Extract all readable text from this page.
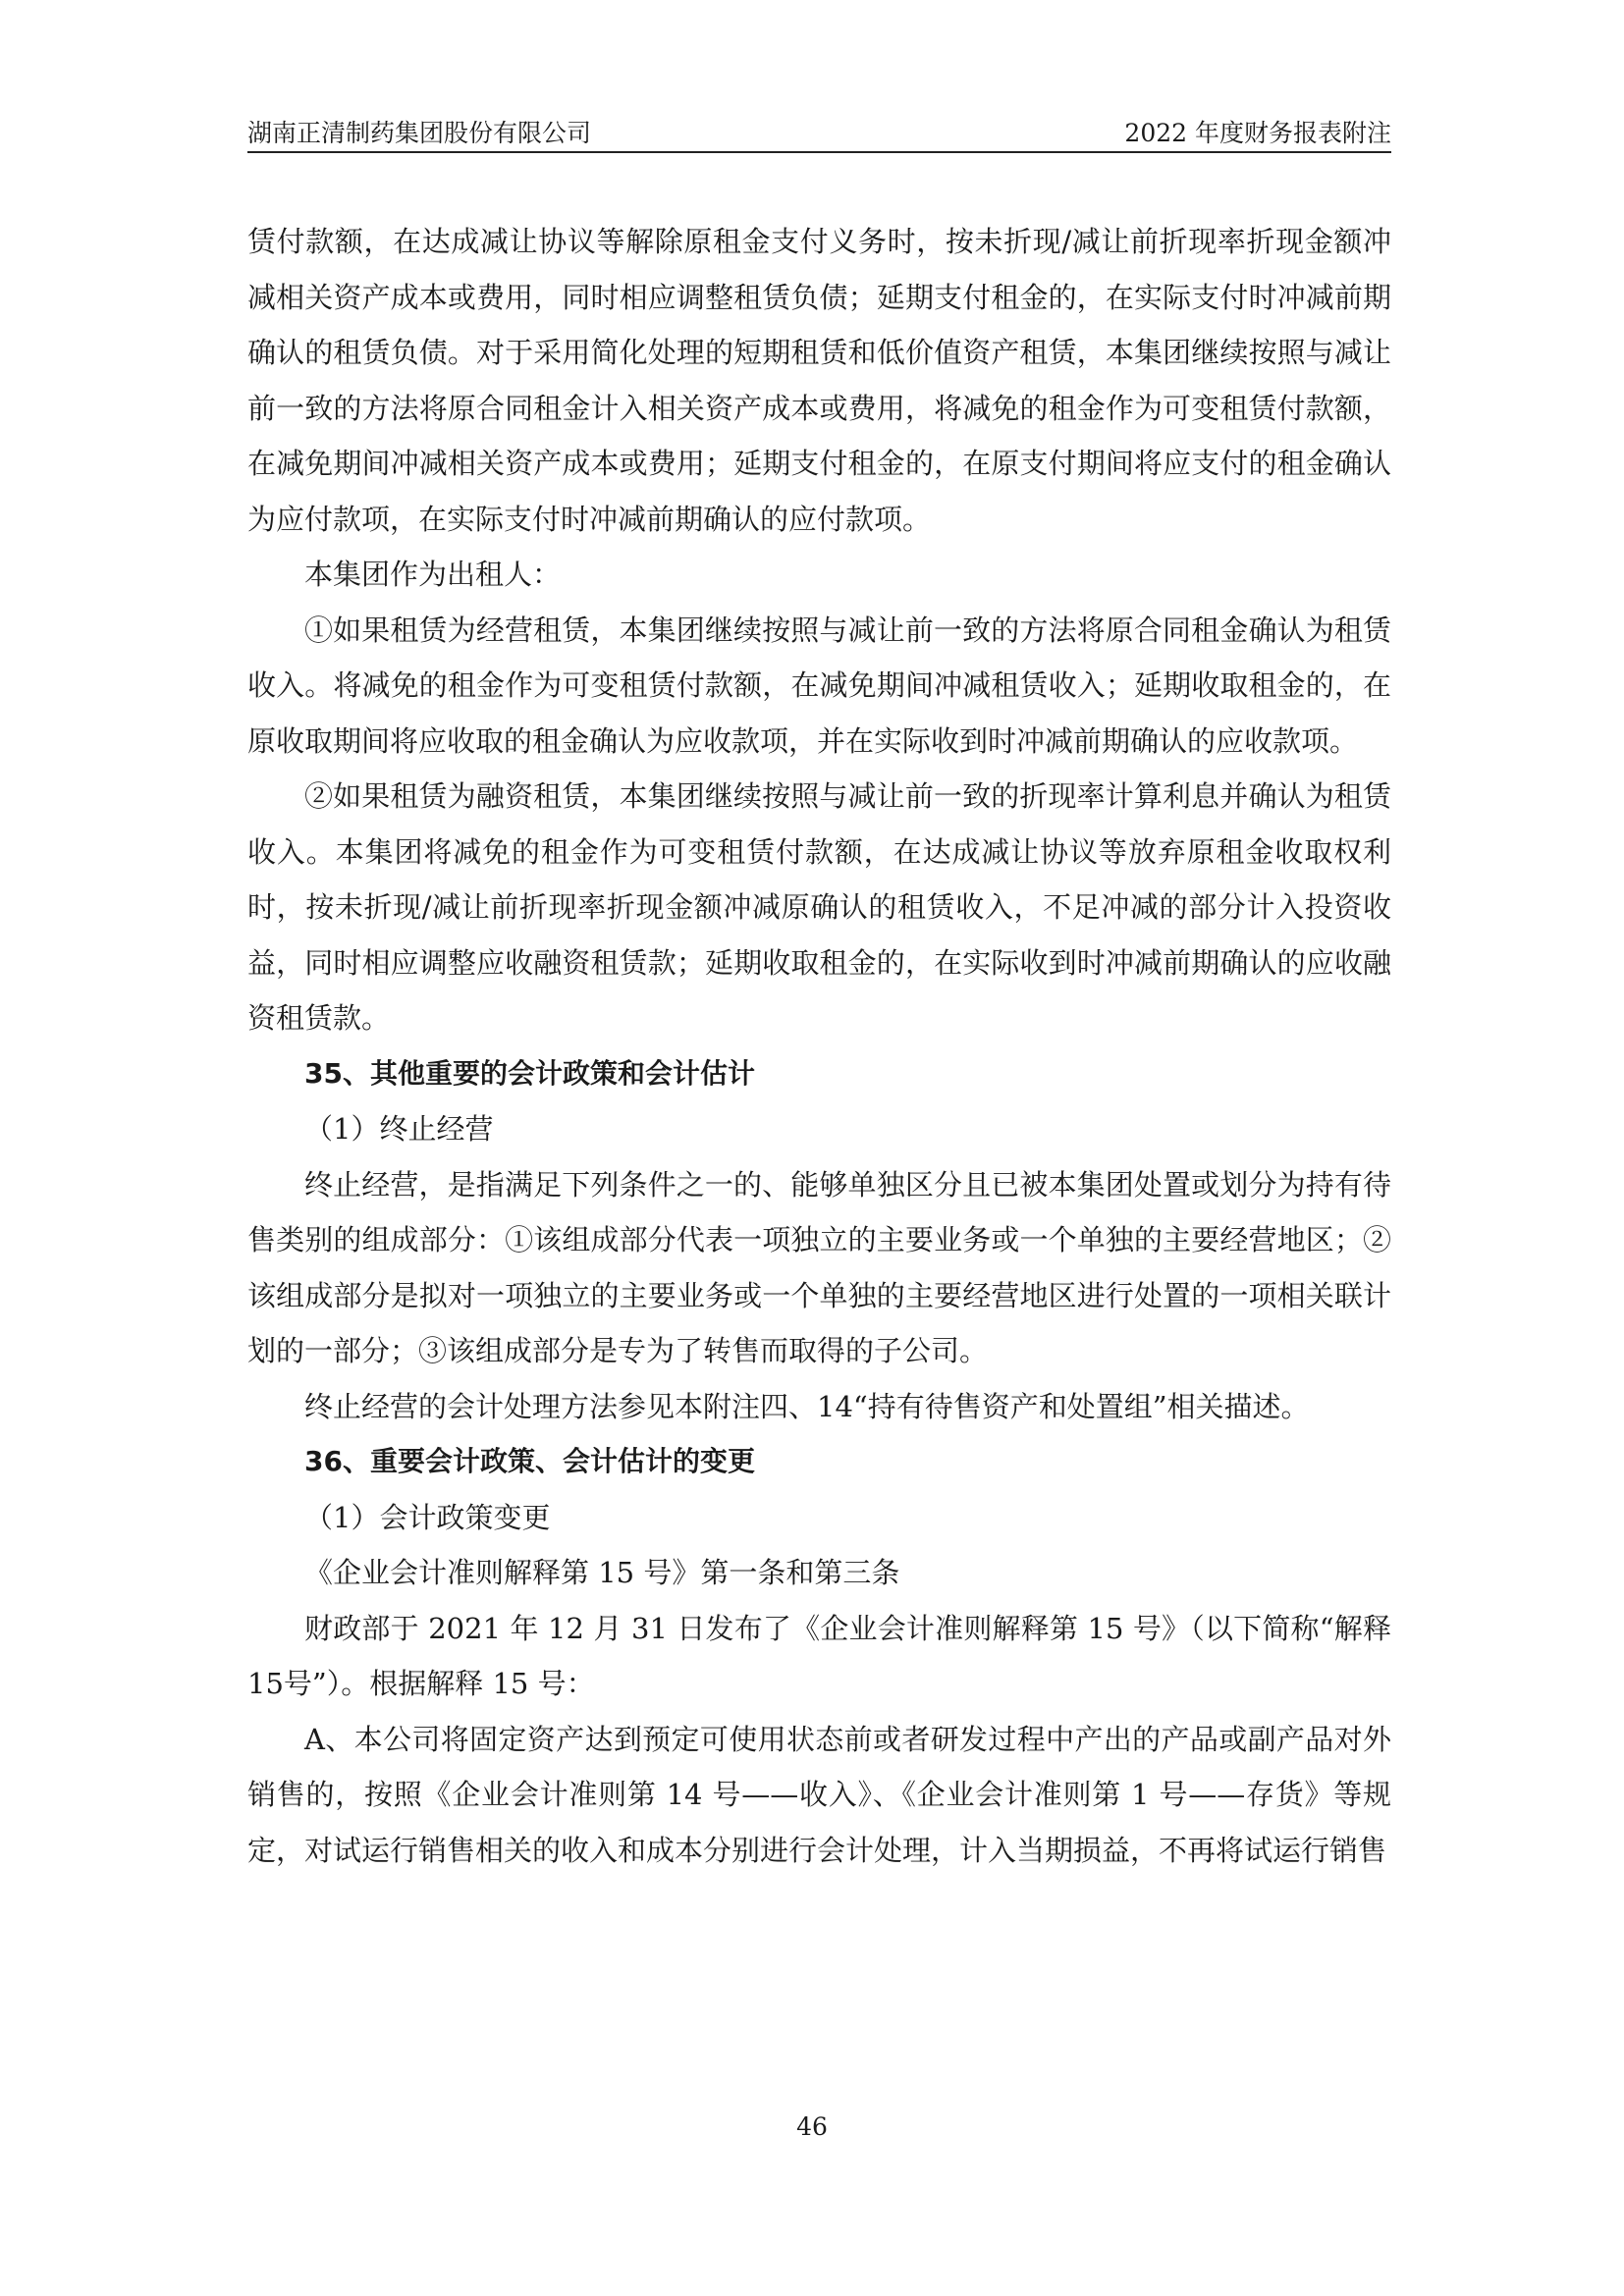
湖南正清制药集团股份有限公司	2022 年度财务报表附注

赁付款额，在达成减让协议等解除原租金支付义务时，按未折现/减让前折现率折现金额冲减相关资产成本或费用，同时相应调整租赁负债；延期支付租金的，在实际支付时冲减前期确认的租赁负债。对于采用简化处理的短期租赁和低价值资产租赁，本集团继续按照与减让前一致的方法将原合同租金计入相关资产成本或费用，将减免的租金作为可变租赁付款额，在减免期间冲减相关资产成本或费用；延期支付租金的，在原支付期间将应支付的租金确认为应付款项，在实际支付时冲减前期确认的应付款项。

本集团作为出租人：

①如果租赁为经营租赁，本集团继续按照与减让前一致的方法将原合同租金确认为租赁收入。将减免的租金作为可变租赁付款额，在减免期间冲减租赁收入；延期收取租金的，在原收取期间将应收取的租金确认为应收款项，并在实际收到时冲减前期确认的应收款项。

②如果租赁为融资租赁，本集团继续按照与减让前一致的折现率计算利息并确认为租赁收入。本集团将减免的租金作为可变租赁付款额，在达成减让协议等放弃原租金收取权利时，按未折现/减让前折现率折现金额冲减原确认的租赁收入，不足冲减的部分计入投资收益，同时相应调整应收融资租赁款；延期收取租金的，在实际收到时冲减前期确认的应收融资租赁款。

35、其他重要的会计政策和会计估计

（1）终止经营

终止经营，是指满足下列条件之一的、能够单独区分且已被本集团处置或划分为持有待售类别的组成部分：①该组成部分代表一项独立的主要业务或一个单独的主要经营地区；②该组成部分是拟对一项独立的主要业务或一个单独的主要经营地区进行处置的一项相关联计划的一部分；③该组成部分是专为了转售而取得的子公司。

终止经营的会计处理方法参见本附注四、14“持有待售资产和处置组”相关描述。

36、重要会计政策、会计估计的变更

（1）会计政策变更

《企业会计准则解释第 15 号》第一条和第三条

财政部于 2021 年 12 月 31 日发布了《企业会计准则解释第 15 号》（以下简称“解释 15号”）。根据解释 15 号：

A、本公司将固定资产达到预定可使用状态前或者研发过程中产出的产品或副产品对外销售的，按照《企业会计准则第 14 号——收入》、《企业会计准则第 1 号——存货》等规定，对试运行销售相关的收入和成本分别进行会计处理，计入当期损益，不再将试运行销售

46
